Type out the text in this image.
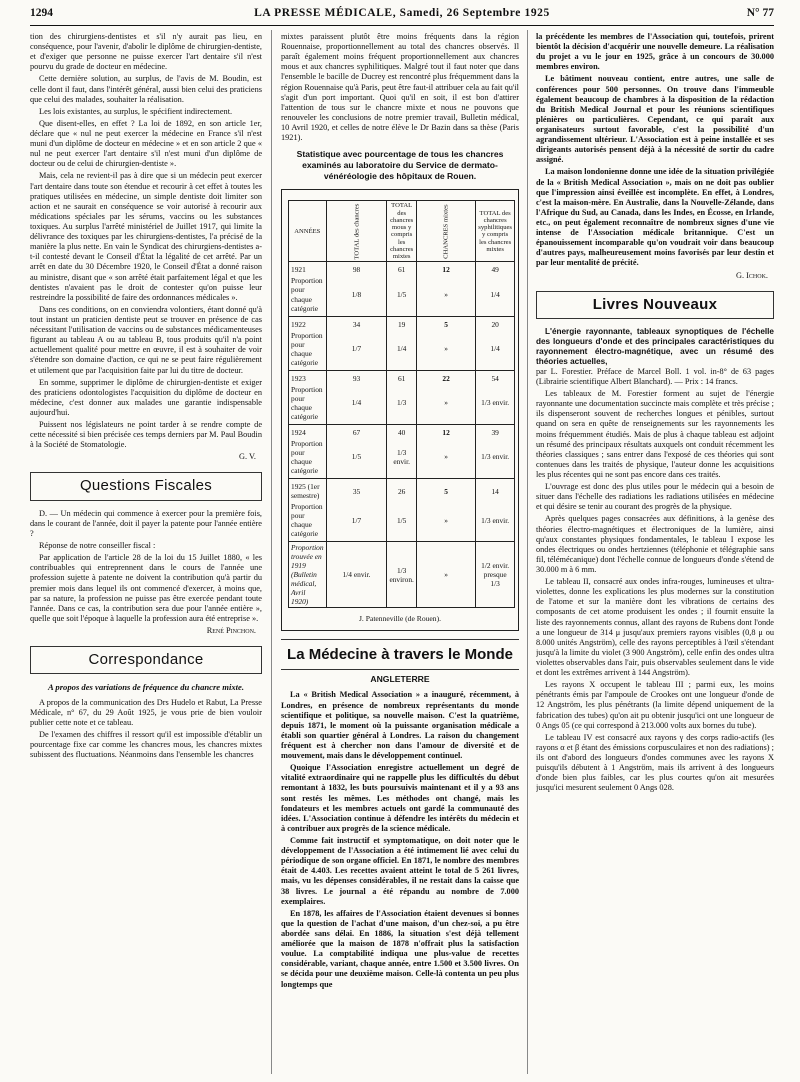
1294	LA PRESSE MÉDICALE, Samedi, 26 Septembre 1925	N° 77

tion des chirurgiens-dentistes et s'il n'y aurait pas lieu, en conséquence, pour l'avenir, d'abolir le diplôme de chirurgien-dentiste, et d'exiger que personne ne puisse exercer l'art dentaire s'il n'est pourvu du grade de docteur en médecine.

Cette dernière solution, au surplus, de l'avis de M. Boudin, est celle dont il faut, dans l'intérêt général, aussi bien celui des praticiens que celui des malades, souhaiter la réalisation.

Les lois existantes, au surplus, le spécifient indirectement.

Que disent-elles, en effet ? La loi de 1892, en son article 1er, déclare que « nul ne peut exercer la médecine en France s'il n'est muni d'un diplôme de docteur en médecine » et en son article 2 que « nul ne peut exercer l'art dentaire s'il n'est muni d'un diplôme de docteur ou de celui de chirurgien-dentiste ».

Mais, cela ne revient-il pas à dire que si un médecin peut exercer l'art dentaire dans toute son étendue et recourir à cet effet à toutes les pratiques utilisées en médecine, un simple dentiste doit limiter son action et ne saurait en conséquence se voir autorisé à recourir aux médications spéciales par les sérums, vaccins ou les substances toxiques. Au surplus l'arrêté ministériel de Juillet 1917, qui limite la délivrance des toxiques par les chirurgiens-dentistes, l'a précisé de la manière la plus nette. En vain le Syndicat des chirurgiens-dentistes a-t-il contesté devant le Conseil d'État la légalité de cet arrêté. Par un arrêt en date du 30 Décembre 1920, le Conseil d'État a donné raison au ministre, disant que « son arrêté était parfaitement légal et que les dentistes n'avaient pas le droit de contester qu'on puisse leur restreindre la possibilité de faire des ordonnances médicales ».

Dans ces conditions, on en conviendra volontiers, étant donné qu'à tout instant un praticien dentiste peut se trouver en présence de cas nécessitant l'utilisation de vaccins ou de substances médicamenteuses figurant au tableau A ou au tableau B, tous produits qu'il n'a point actuellement qualité pour mettre en œuvre, il est à souhaiter de voir s'étendre son domaine d'action, ce qui ne se peut faire régulièrement et utilement que par l'acquisition faite par lui du titre de docteur.

En somme, supprimer le diplôme de chirurgien-dentiste et exiger des praticiens odontologistes l'acquisition du diplôme de docteur en médecine, c'est donner aux malades une garantie indispensable aujourd'hui.

Puissent nos législateurs ne point tarder à se rendre compte de cette nécessité si bien précisée ces temps derniers par M. Paul Boudin à la Société de Stomatologie.

G. V.

Questions Fiscales

D. — Un médecin qui commence à exercer pour la première fois, dans le courant de l'année, doit il payer la patente pour l'année entière ?

Réponse de notre conseiller fiscal :

Par application de l'article 28 de la loi du 15 Juillet 1880, « les contribuables qui entreprennent dans le cours de l'année une profession sujette à patente ne doivent la contribution qu'à partir du premier mois dans lequel ils ont commencé d'exercer, à moins que, par sa nature, la profession ne puisse pas être exercée pendant toute l'année. Dans ce cas, la contribution sera due pour l'année entière », quelle que soit l'époque à laquelle la profession aura été entreprise ».

René Pinchon.

Correspondance
A propos des variations de fréquence du chancre mixte.

A propos de la communication des Drs Hudelo et Rabut, La Presse Médicale, n° 67, du 29 Août 1925, je vous prie de bien vouloir publier cette note et ce tableau.

De l'examen des chiffres il ressort qu'il est impossible d'établir un pourcentage fixe car comme les chancres mous, les chancres mixtes subissent des fluctuations. Néanmoins dans l'ensemble les chancres

mixtes paraissent plutôt être moins fréquents dans la région Rouennaise, proportionnellement au total des chancres observés. Il paraît également moins fréquent proportionnellement aux chancres mous et aux chancres syphilitiques. Malgré tout il faut noter que dans l'ensemble le bacille de Ducrey est rencontré plus fréquemment dans la région Rouennaise qu'à Paris, peut être faut-il attribuer cela au fait qu'il s'agit d'un port important. Quoi qu'il en soit, il est bon d'attirer l'attention de tous sur le chancre mixte et nous ne pouvons que renouveler les conclusions de notre premier travail, Bulletin médical, 10 Avril 1920, et celles de notre élève le Dr Bazin dans sa thèse (Paris 1921).

Statistique avec pourcentage de tous les chancres examinés au laboratoire du Service de dermato-vénéréologie des hôpitaux de Rouen.
ANNÉES	TOTAL des chancres	TOTAL des chancres mous y compris les chancres mixtes	CHANCRES mixtes	TOTAL des chancres syphilitiques y compris les chancres mixtes
1921	98	61	12	49
Proportion pour chaque catégorie	1/8	1/5	»	1/4
1922	34	19	5	20
Proportion pour chaque catégorie	1/7	1/4	»	1/4
1923	93	61	22	54
Proportion pour chaque catégorie	1/4	1/3	»	1/3 envir.
1924	67	40	12	39
Proportion pour chaque catégorie	1/5	1/3 envir.	»	1/3 envir.
1925 (1er semestre)	35	26	5	14
Proportion pour chaque catégorie	1/7	1/5	»	1/3 envir.
Proportion trouvée en 1919 (Bulletin médical, Avril 1920)	1/4 envir.	1/3 environ.	»	1/2 envir. presque 1/3
J. Patenneville (de Rouen).
La Médecine à travers le Monde
ANGLETERRE

La « British Medical Association » a inauguré, récemment, à Londres, en présence de nombreux représentants du monde scientifique et politique, sa nouvelle maison. C'est la quatrième, depuis 1871, le moment où la puissante organisation médicale a établi son quartier général à Londres. La raison du changement fréquent est à chercher non dans l'amour de diversité et de mouvement, mais dans le développement continuel.

Quoique l'Association enregistre actuellement un degré de vitalité extraordinaire qui ne rappelle plus les difficultés du début remontant à 1832, les buts poursuivis maintenant et il y a 93 ans sont restés les mêmes. Les méthodes ont changé, mais les fondateurs et les membres actuels ont gardé la communauté des idées. L'Association continue à défendre les intérêts du médecin et à contribuer aux progrès de la science médicale.

Comme fait instructif et symptomatique, on doit noter que le développement de l'Association a été intimement lié avec celui du périodique de son organe officiel. En 1871, le nombre des membres était de 4.403. Les recettes avaient atteint le total de 5 261 livres, mais, vu les dépenses considérables, il ne restait dans la caisse que 38 livres. Le journal a été répandu au nombre de 7.000 exemplaires.

En 1878, les affaires de l'Association étaient devenues si bonnes que la question de l'achat d'une maison, d'un chez-soi, a pu être abordée sans délai. En 1886, la situation s'est déjà tellement améliorée que la maison de 1878 n'offrait plus la satisfaction voulue. La comptabilité indiqua une plus-value de recettes considérable, variant, chaque année, entre 1.500 et 3.500 livres. On se décida pour une deuxième maison. Celle-là contenta un peu plus longtemps que

la précédente les membres de l'Association qui, toutefois, prirent bientôt la décision d'acquérir une nouvelle demeure. La réalisation du projet a vu le jour en 1925, grâce à un concours de 30.000 membres environ.

Le bâtiment nouveau contient, entre autres, une salle de conférences pour 500 personnes. On trouve dans l'immeuble également beaucoup de chambres à la disposition de la rédaction du British Medical Journal et pour les réunions scientifiques plénières ou particulières. Cependant, ce qui paraît aux organisateurs surtout favorable, c'est la possibilité d'un agrandissement ultérieur. L'Association est à peine installée et ses dirigeants autorisés pensent déjà à la nécessité de sortir du cadre assigné.

La maison londonienne donne une idée de la situation privilégiée de la « British Medical Association », mais on ne doit pas oublier que l'impression ainsi éveillée est incomplète. En effet, à Londres, c'est la maison-mère. En Australie, dans la Nouvelle-Zélande, dans l'Afrique du Sud, au Canada, dans les Indes, en Écosse, en Irlande, etc., on peut également reconnaître de nombreux signes d'une vie intense de l'Association médicale britannique. C'est un épanouissement incomparable qu'on voudrait voir dans beaucoup d'autres pays, malheureusement moins favorisés par leur destin et par leur mentalité de précité.

G. Ichok.

Livres Nouveaux
L'énergie rayonnante, tableaux synoptiques de l'échelle des longueurs d'onde et des principales caractéristiques du rayonnement électro-magnétique, avec un résumé des théories actuelles,

par L. Forestier. Préface de Marcel Boll. 1 vol. in-8° de 63 pages (Librairie scientifique Albert Blanchard). — Prix : 14 francs.

Les tableaux de M. Forestier forment au sujet de l'énergie rayonnante une documentation succincte mais complète et très précise ; ils dispenseront souvent de recherches longues et pénibles, surtout quand on sera en quête de renseignements sur les rayonnements les moins fréquemment étudiés. Mais de plus à chaque tableau est adjoint un résumé des principaux résultats auxquels ont conduit récemment les théories classiques ; sans entrer dans l'exposé de ces théories qui sont contenues dans les traités de physique, l'auteur donne les acquisitions les plus récentes qui ne sont pas encore dans ces traités.

L'ouvrage est donc des plus utiles pour le médecin qui a besoin de situer dans l'échelle des radiations les radiations utilisées en médecine et qui désire se tenir au courant des progrès de la physique.

Après quelques pages consacrées aux définitions, à la genèse des théories électro-magnétiques et électroniques de la lumière, ainsi qu'aux constantes physiques fondamentales, le tableau I expose les ondes électriques ou ondes hertziennes (téléphonie et télégraphie sans fil, télémécanique) dont l'échelle connue de longueurs d'onde s'étend de 30.000 m à 6 mm.

Le tableau II, consacré aux ondes infra-rouges, lumineuses et ultra-violettes, donne les explications les plus modernes sur la constitution de l'atome et sur la manière dont les vibrations de certains des composants de cet atome produisent les ondes ; il fournit ensuite la liste des rayonnements connus, allant des rayons de Rubens dont l'onde a une longueur de 314 μ jusqu'aux premiers rayons visibles (0,8 μ ou 8.000 unités Angström), celle des rayons perceptibles à l'œil s'étendant jusqu'à la limite du violet (3 900 Angström), celle enfin des ondes ultra violettes observables dans l'air, puis observables seulement dans le vide et dont les extrêmes arrivent à 144 Angström).

Les rayons X occupent le tableau III ; parmi eux, les moins pénétrants émis par l'ampoule de Crookes ont une longueur d'onde de 12 Angström, les plus pénétrants (la limite dépend uniquement de la fabrication des tubes) qu'on ait pu obtenir jusqu'ici ont une longueur de 0 Angs 05 (ce qui correspond à 213.000 volts aux bornes du tube).

Le tableau IV est consacré aux rayons γ des corps radio-actifs (les rayons α et β étant des émissions corpusculaires et non des radiations) ; ils ont d'abord des longueurs d'ondes communes avec les rayons X puisqu'ils débutent à 1 Angström, mais ils arrivent à des longueurs d'onde bien plus faibles, car les plus courtes qu'on ait mesurées jusqu'ici mesurent seulement 0 Angs 028.
